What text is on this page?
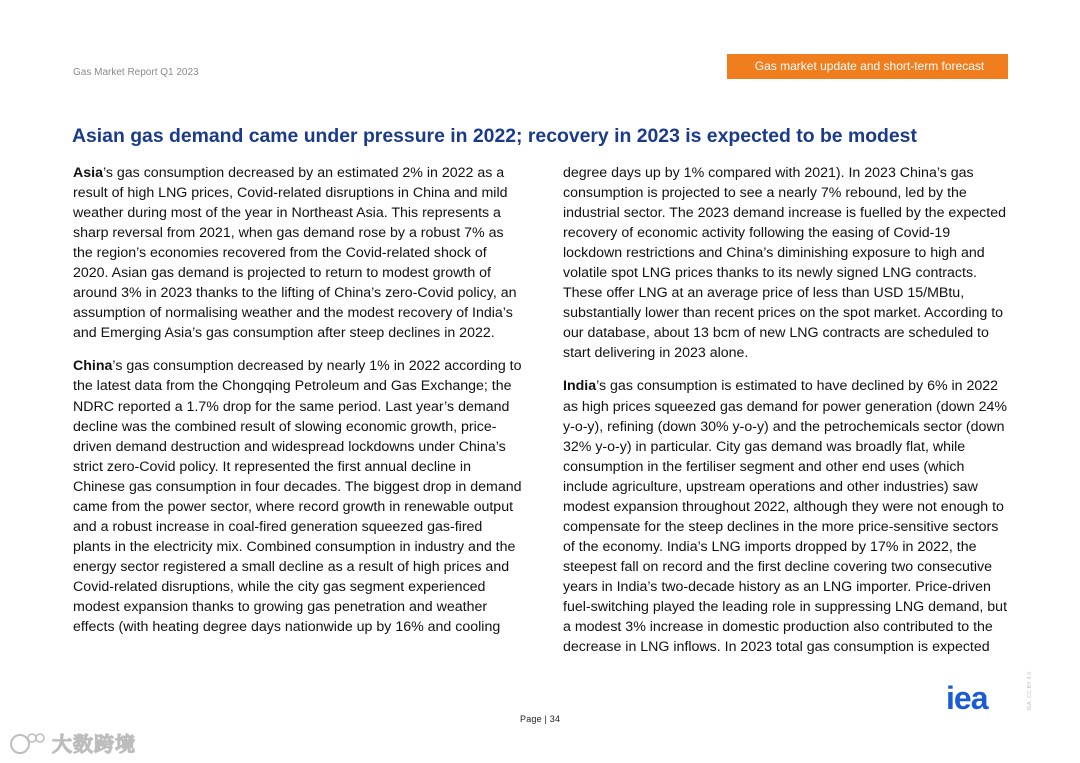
Gas Market Report Q1 2023	Gas market update and short-term forecast
Asian gas demand came under pressure in 2022; recovery in 2023 is expected to be modest

Asia’s gas consumption decreased by an estimated 2% in 2022 as a result of high LNG prices, Covid-related disruptions in China and mild weather during most of the year in Northeast Asia. This represents a sharp reversal from 2021, when gas demand rose by a robust 7% as the region’s economies recovered from the Covid-related shock of 2020. Asian gas demand is projected to return to modest growth of around 3% in 2023 thanks to the lifting of China’s zero-Covid policy, an assumption of normalising weather and the modest recovery of India’s and Emerging Asia’s gas consumption after steep declines in 2022.

China’s gas consumption decreased by nearly 1% in 2022 according to the latest data from the Chongqing Petroleum and Gas Exchange; the NDRC reported a 1.7% drop for the same period. Last year’s demand decline was the combined result of slowing economic growth, price-driven demand destruction and widespread lockdowns under China’s strict zero-Covid policy. It represented the first annual decline in Chinese gas consumption in four decades. The biggest drop in demand came from the power sector, where record growth in renewable output and a robust increase in coal-fired generation squeezed gas-fired plants in the electricity mix. Combined consumption in industry and the energy sector registered a small decline as a result of high prices and Covid-related disruptions, while the city gas segment experienced modest expansion thanks to growing gas penetration and weather effects (with heating degree days nationwide up by 16% and cooling

degree days up by 1% compared with 2021). In 2023 China’s gas consumption is projected to see a nearly 7% rebound, led by the industrial sector. The 2023 demand increase is fuelled by the expected recovery of economic activity following the easing of Covid-19 lockdown restrictions and China’s diminishing exposure to high and volatile spot LNG prices thanks to its newly signed LNG contracts. These offer LNG at an average price of less than USD 15/MBtu, substantially lower than recent prices on the spot market. According to our database, about 13 bcm of new LNG contracts are scheduled to start delivering in 2023 alone.

India’s gas consumption is estimated to have declined by 6% in 2022 as high prices squeezed gas demand for power generation (down 24% y-o-y), refining (down 30% y-o-y) and the petrochemicals sector (down 32% y-o-y) in particular. City gas demand was broadly flat, while consumption in the fertiliser segment and other end uses (which include agriculture, upstream operations and other industries) saw modest expansion throughout 2022, although they were not enough to compensate for the steep declines in the more price-sensitive sectors of the economy. India’s LNG imports dropped by 17% in 2022, the steepest fall on record and the first decline covering two consecutive years in India’s two-decade history as an LNG importer. Price-driven fuel-switching played the leading role in suppressing LNG demand, but a modest 3% increase in domestic production also contributed to the decrease in LNG inflows. In 2023 total gas consumption is expected

Page | 34
iea	IEA. CC BY 4.0.
大数跨境
